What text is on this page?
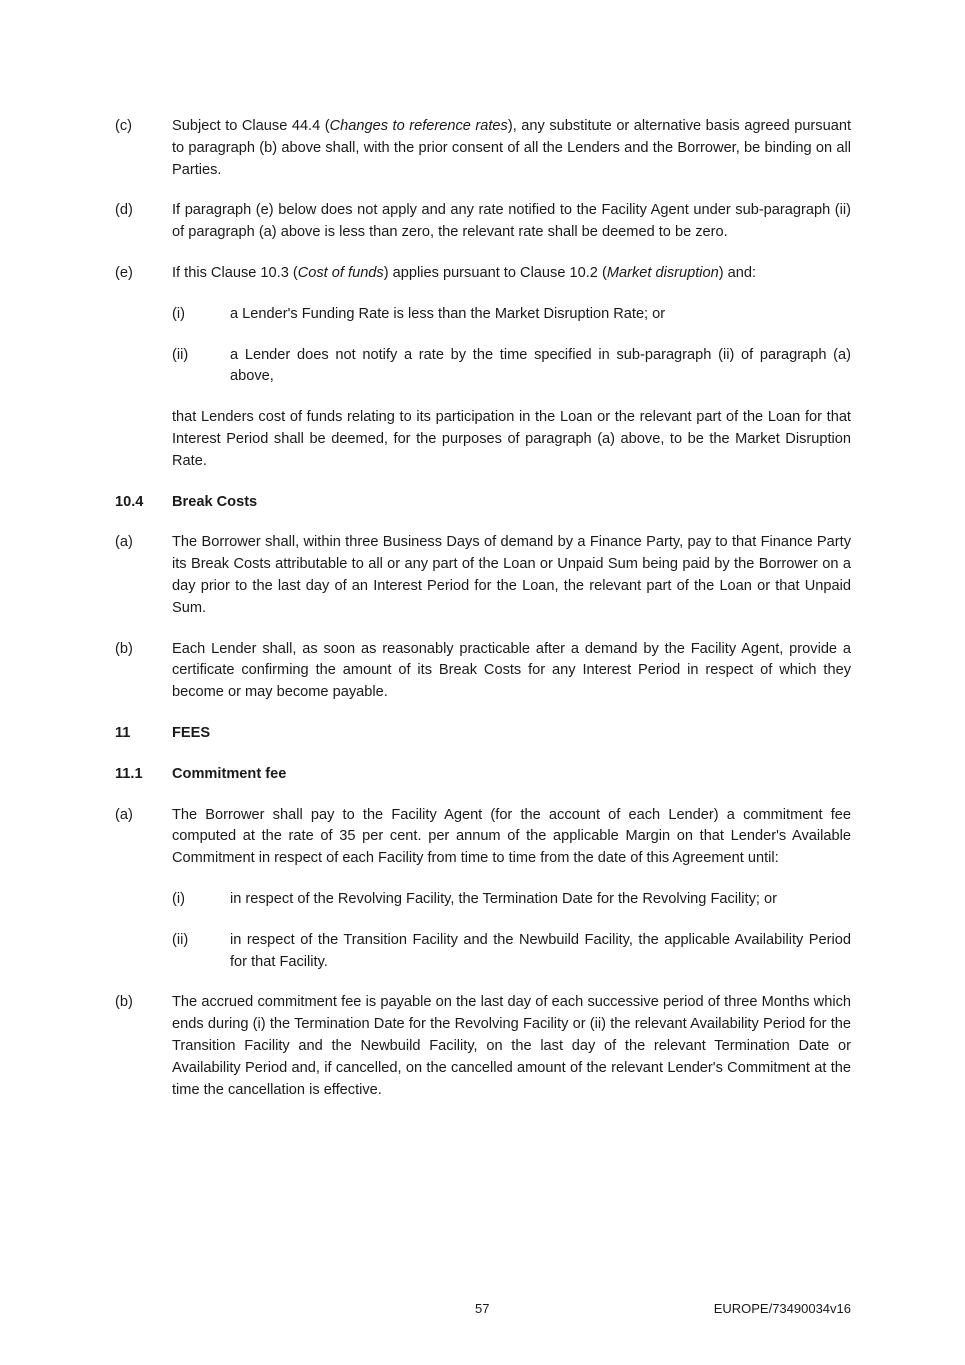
(c)	Subject to Clause 44.4 (Changes to reference rates), any substitute or alternative basis agreed pursuant to paragraph (b) above shall, with the prior consent of all the Lenders and the Borrower, be binding on all Parties.
(d)	If paragraph (e) below does not apply and any rate notified to the Facility Agent under sub-paragraph (ii) of paragraph (a) above is less than zero, the relevant rate shall be deemed to be zero.
(e)	If this Clause 10.3 (Cost of funds) applies pursuant to Clause 10.2 (Market disruption) and:
(i)	a Lender's Funding Rate is less than the Market Disruption Rate; or
(ii)	a Lender does not notify a rate by the time specified in sub-paragraph (ii) of paragraph (a) above,
that Lenders cost of funds relating to its participation in the Loan or the relevant part of the Loan for that Interest Period shall be deemed, for the purposes of paragraph (a) above, to be the Market Disruption Rate.
10.4 Break Costs
(a)	The Borrower shall, within three Business Days of demand by a Finance Party, pay to that Finance Party its Break Costs attributable to all or any part of the Loan or Unpaid Sum being paid by the Borrower on a day prior to the last day of an Interest Period for the Loan, the relevant part of the Loan or that Unpaid Sum.
(b)	Each Lender shall, as soon as reasonably practicable after a demand by the Facility Agent, provide a certificate confirming the amount of its Break Costs for any Interest Period in respect of which they become or may become payable.
11	FEES
11.1 Commitment fee
(a)	The Borrower shall pay to the Facility Agent (for the account of each Lender) a commitment fee computed at the rate of 35 per cent. per annum of the applicable Margin on that Lender's Available Commitment in respect of each Facility from time to time from the date of this Agreement until:
(i)	in respect of the Revolving Facility, the Termination Date for the Revolving Facility; or
(ii)	in respect of the Transition Facility and the Newbuild Facility, the applicable Availability Period for that Facility.
(b)	The accrued commitment fee is payable on the last day of each successive period of three Months which ends during (i) the Termination Date for the Revolving Facility or (ii) the relevant Availability Period for the Transition Facility and the Newbuild Facility, on the last day of the relevant Termination Date or Availability Period and, if cancelled, on the cancelled amount of the relevant Lender's Commitment at the time the cancellation is effective.
57	EUROPE/73490034v16
